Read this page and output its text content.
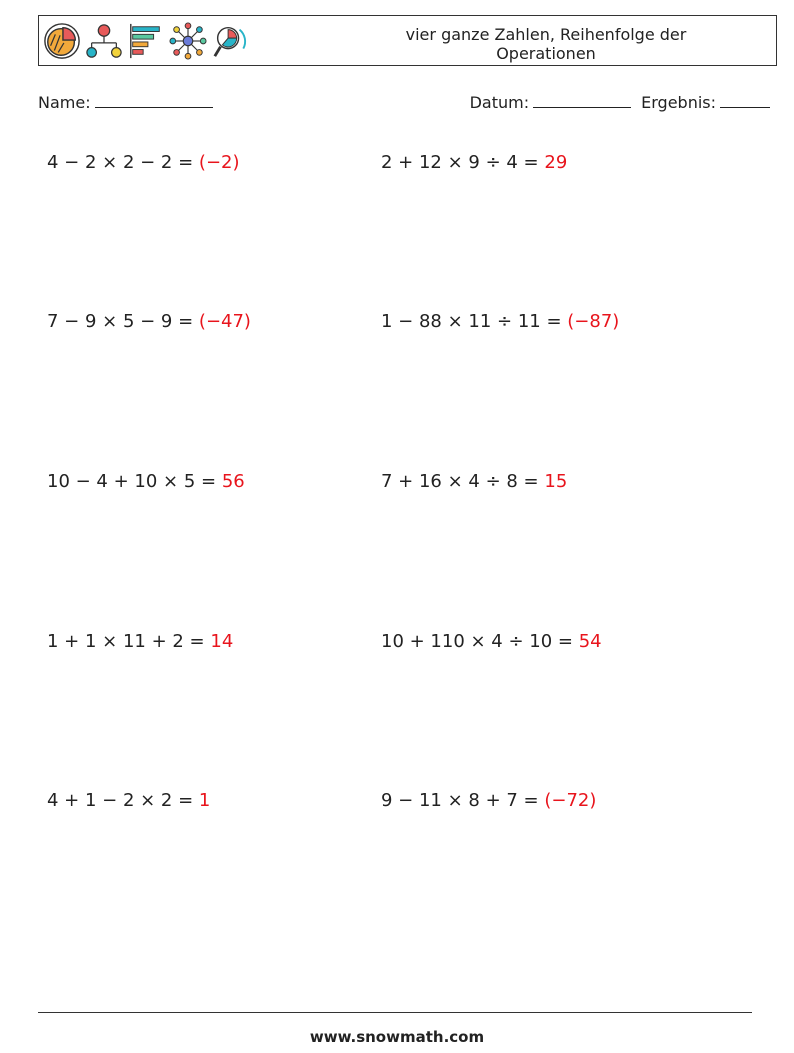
vier ganze Zahlen, Reihenfolge der Operationen
Name:	Datum:	Ergebnis:
4 − 2 × 2 − 2 = (−2)	2 + 12 × 9 ÷ 4 = 29
7 − 9 × 5 − 9 = (−47)	1 − 88 × 11 ÷ 11 = (−87)
10 − 4 + 10 × 5 = 56	7 + 16 × 4 ÷ 8 = 15
1 + 1 × 11 + 2 = 14	10 + 110 × 4 ÷ 10 = 54
4 + 1 − 2 × 2 = 1	9 − 11 × 8 + 7 = (−72)
www.snowmath.com
